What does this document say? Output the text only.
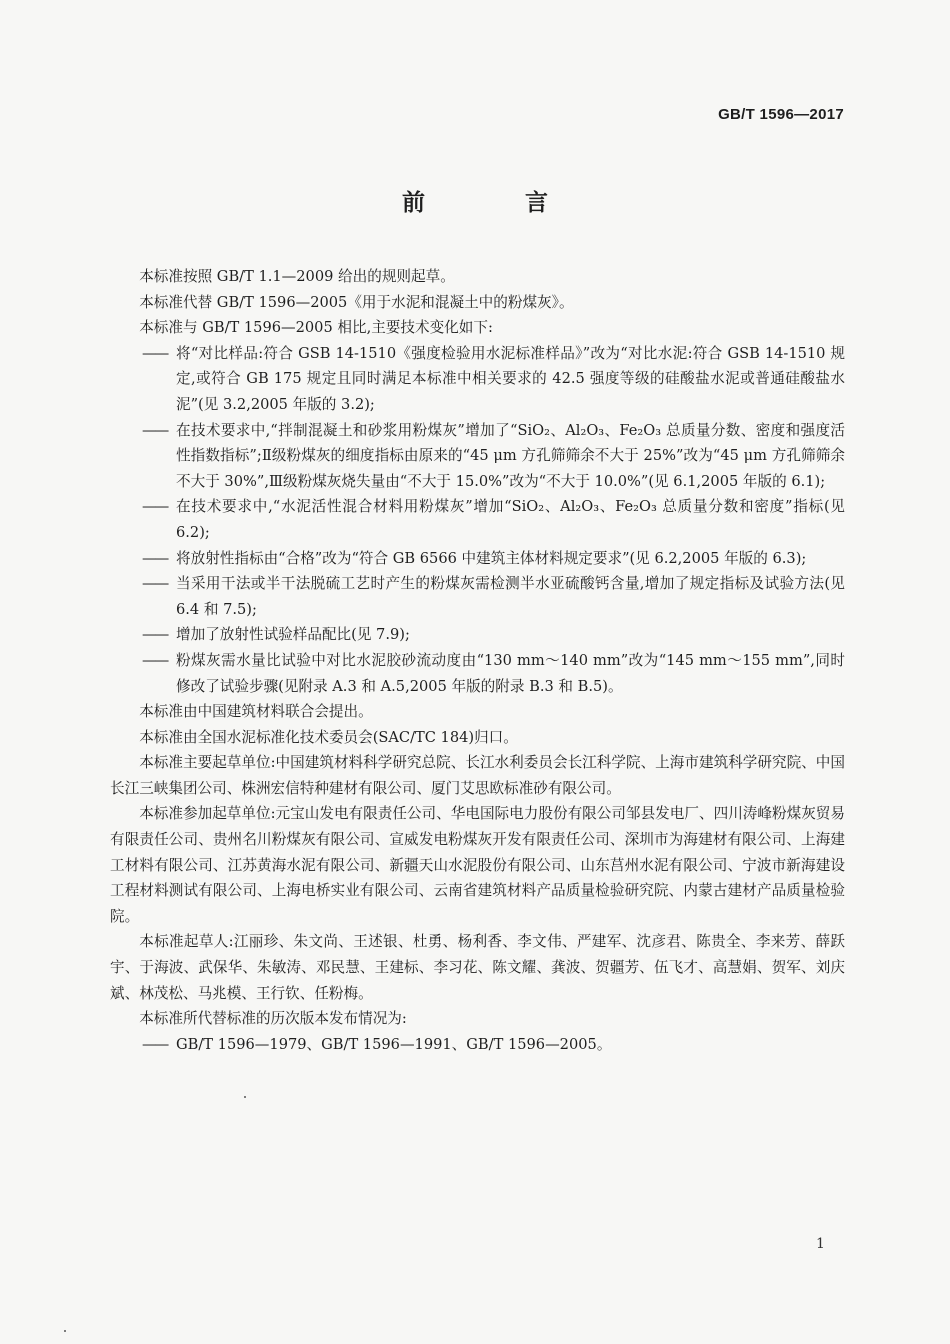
GB/T 1596—2017
前 言

本标准按照 GB/T 1.1—2009 给出的规则起草。

本标准代替 GB/T 1596—2005《用于水泥和混凝土中的粉煤灰》。

本标准与 GB/T 1596—2005 相比,主要技术变化如下:

—— 将“对比样品:符合 GSB 14-1510《强度检验用水泥标准样品》”改为“对比水泥:符合 GSB 14-1510 规定,或符合 GB 175 规定且同时满足本标准中相关要求的 42.5 强度等级的硅酸盐水泥或普通硅酸盐水泥”(见 3.2,2005 年版的 3.2);

—— 在技术要求中,“拌制混凝土和砂浆用粉煤灰”增加了“SiO₂、Al₂O₃、Fe₂O₃ 总质量分数、密度和强度活性指数指标”;Ⅱ级粉煤灰的细度指标由原来的“45 μm 方孔筛筛余不大于 25%”改为“45 μm 方孔筛筛余不大于 30%”,Ⅲ级粉煤灰烧失量由“不大于 15.0%”改为“不大于 10.0%”(见 6.1,2005 年版的 6.1);

—— 在技术要求中,“水泥活性混合材料用粉煤灰”增加“SiO₂、Al₂O₃、Fe₂O₃ 总质量分数和密度”指标(见 6.2);

—— 将放射性指标由“合格”改为“符合 GB 6566 中建筑主体材料规定要求”(见 6.2,2005 年版的 6.3);

—— 当采用干法或半干法脱硫工艺时产生的粉煤灰需检测半水亚硫酸钙含量,增加了规定指标及试验方法(见 6.4 和 7.5);

—— 增加了放射性试验样品配比(见 7.9);

—— 粉煤灰需水量比试验中对比水泥胶砂流动度由“130 mm～140 mm”改为“145 mm～155 mm”,同时修改了试验步骤(见附录 A.3 和 A.5,2005 年版的附录 B.3 和 B.5)。

本标准由中国建筑材料联合会提出。

本标准由全国水泥标准化技术委员会(SAC/TC 184)归口。

本标准主要起草单位:中国建筑材料科学研究总院、长江水利委员会长江科学院、上海市建筑科学研究院、中国长江三峡集团公司、株洲宏信特种建材有限公司、厦门艾思欧标准砂有限公司。

本标准参加起草单位:元宝山发电有限责任公司、华电国际电力股份有限公司邹县发电厂、四川涛峰粉煤灰贸易有限责任公司、贵州名川粉煤灰有限公司、宣威发电粉煤灰开发有限责任公司、深圳市为海建材有限公司、上海建工材料有限公司、江苏黄海水泥有限公司、新疆天山水泥股份有限公司、山东莒州水泥有限公司、宁波市新海建设工程材料测试有限公司、上海电桥实业有限公司、云南省建筑材料产品质量检验研究院、内蒙古建材产品质量检验院。

本标准起草人:江丽珍、朱文尚、王述银、杜勇、杨利香、李文伟、严建军、沈彦君、陈贵全、李来芳、薛跃宇、于海波、武保华、朱敏涛、邓民慧、王建标、李习花、陈文耀、龚波、贺疆芳、伍飞才、高慧娟、贺军、刘庆斌、林茂松、马兆模、王行钦、任粉梅。

本标准所代替标准的历次版本发布情况为:

—— GB/T 1596—1979、GB/T 1596—1991、GB/T 1596—2005。

1
